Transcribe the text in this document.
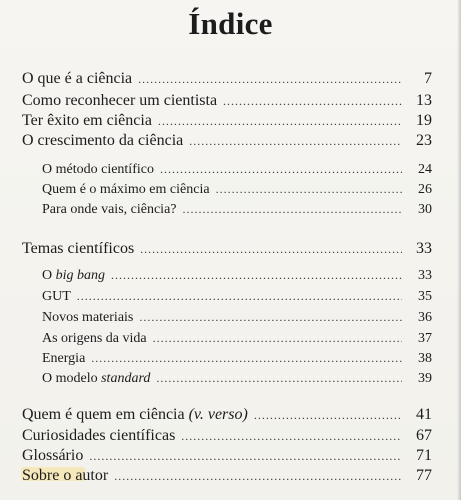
Índice
O que é a ciência .....	7
Como reconhecer um cientista .....	13
Ter êxito em ciência .....	19
O crescimento da ciência .....	23
O método científico .....	24
Quem é o máximo em ciência .....	26
Para onde vais, ciência? .....	30
Temas científicos .....	33
O big bang .....	33
GUT .....	35
Novos materiais .....	36
As origens da vida .....	37
Energia .....	38
O modelo standard .....	39
Quem é quem em ciência (v. verso) .....	41
Curiosidades científicas .....	67
Glossário .....	71
Sobre o autor .....	77
